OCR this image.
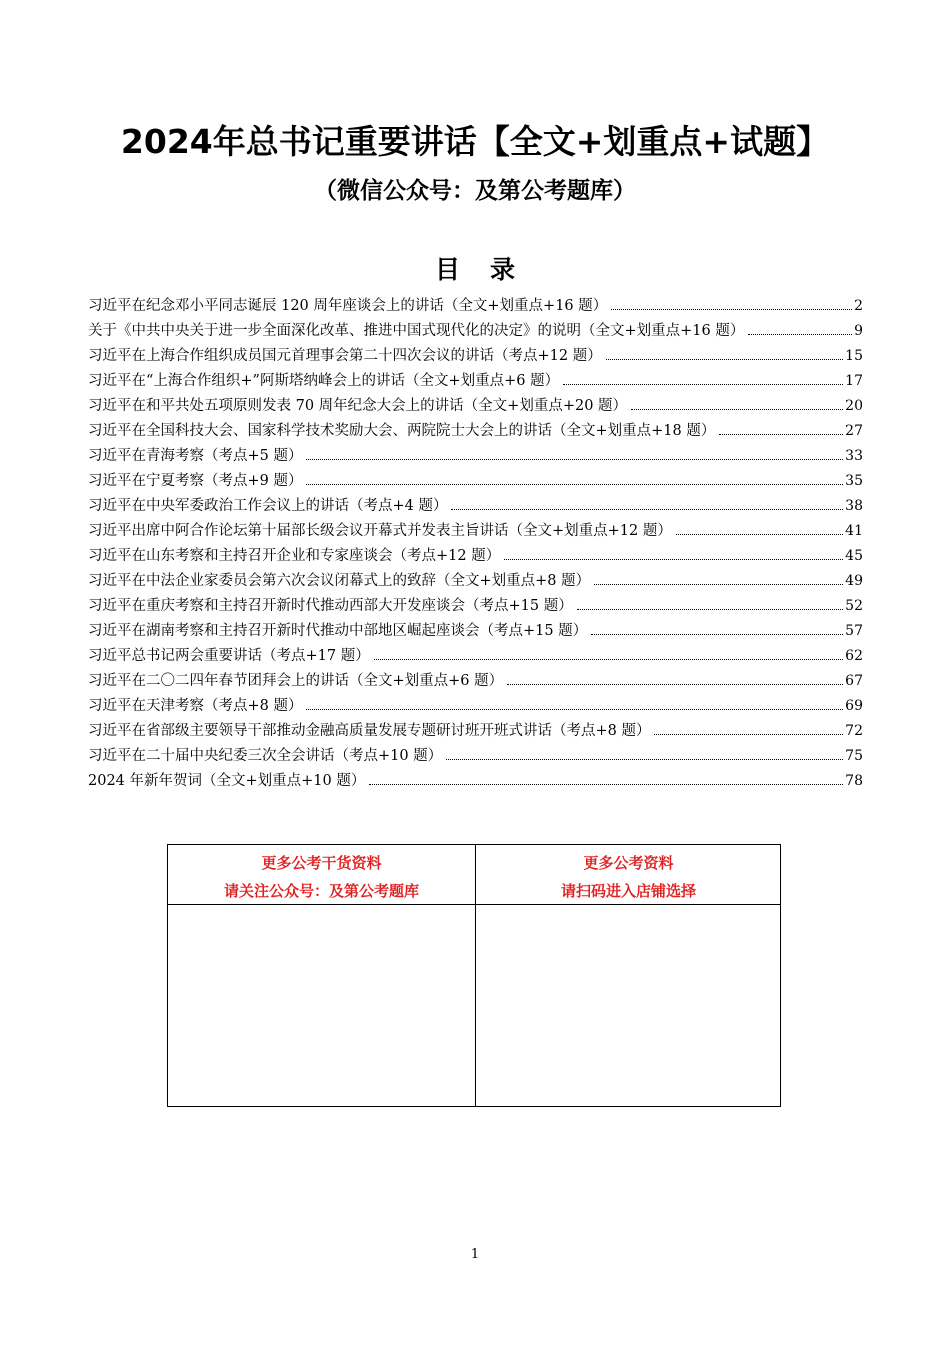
2024年总书记重要讲话【全文+划重点+试题】
（微信公众号：及第公考题库）
目录
习近平在纪念邓小平同志诞辰 120 周年座谈会上的讲话（全文+划重点+16 题）	2
关于《中共中央关于进一步全面深化改革、推进中国式现代化的决定》的说明（全文+划重点+16 题）	9
习近平在上海合作组织成员国元首理事会第二十四次会议的讲话（考点+12 题）	15
习近平在“上海合作组织+”阿斯塔纳峰会上的讲话（全文+划重点+6 题）	17
习近平在和平共处五项原则发表 70 周年纪念大会上的讲话（全文+划重点+20 题）	20
习近平在全国科技大会、国家科学技术奖励大会、两院院士大会上的讲话（全文+划重点+18 题）	27
习近平在青海考察（考点+5 题）	33
习近平在宁夏考察（考点+9 题）	35
习近平在中央军委政治工作会议上的讲话（考点+4 题）	38
习近平出席中阿合作论坛第十届部长级会议开幕式并发表主旨讲话（全文+划重点+12 题）	41
习近平在山东考察和主持召开企业和专家座谈会（考点+12 题）	45
习近平在中法企业家委员会第六次会议闭幕式上的致辞（全文+划重点+8 题）	49
习近平在重庆考察和主持召开新时代推动西部大开发座谈会（考点+15 题）	52
习近平在湖南考察和主持召开新时代推动中部地区崛起座谈会（考点+15 题）	57
习近平总书记两会重要讲话（考点+17 题）	62
习近平在二〇二四年春节团拜会上的讲话（全文+划重点+6 题）	67
习近平在天津考察（考点+8 题）	69
习近平在省部级主要领导干部推动金融高质量发展专题研讨班开班式讲话（考点+8 题）	72
习近平在二十届中央纪委三次全会讲话（考点+10 题）	75
2024 年新年贺词（全文+划重点+10 题）	78
更多公考干货资料
请关注公众号：及第公考题库
更多公考资料
请扫码进入店铺选择
1
